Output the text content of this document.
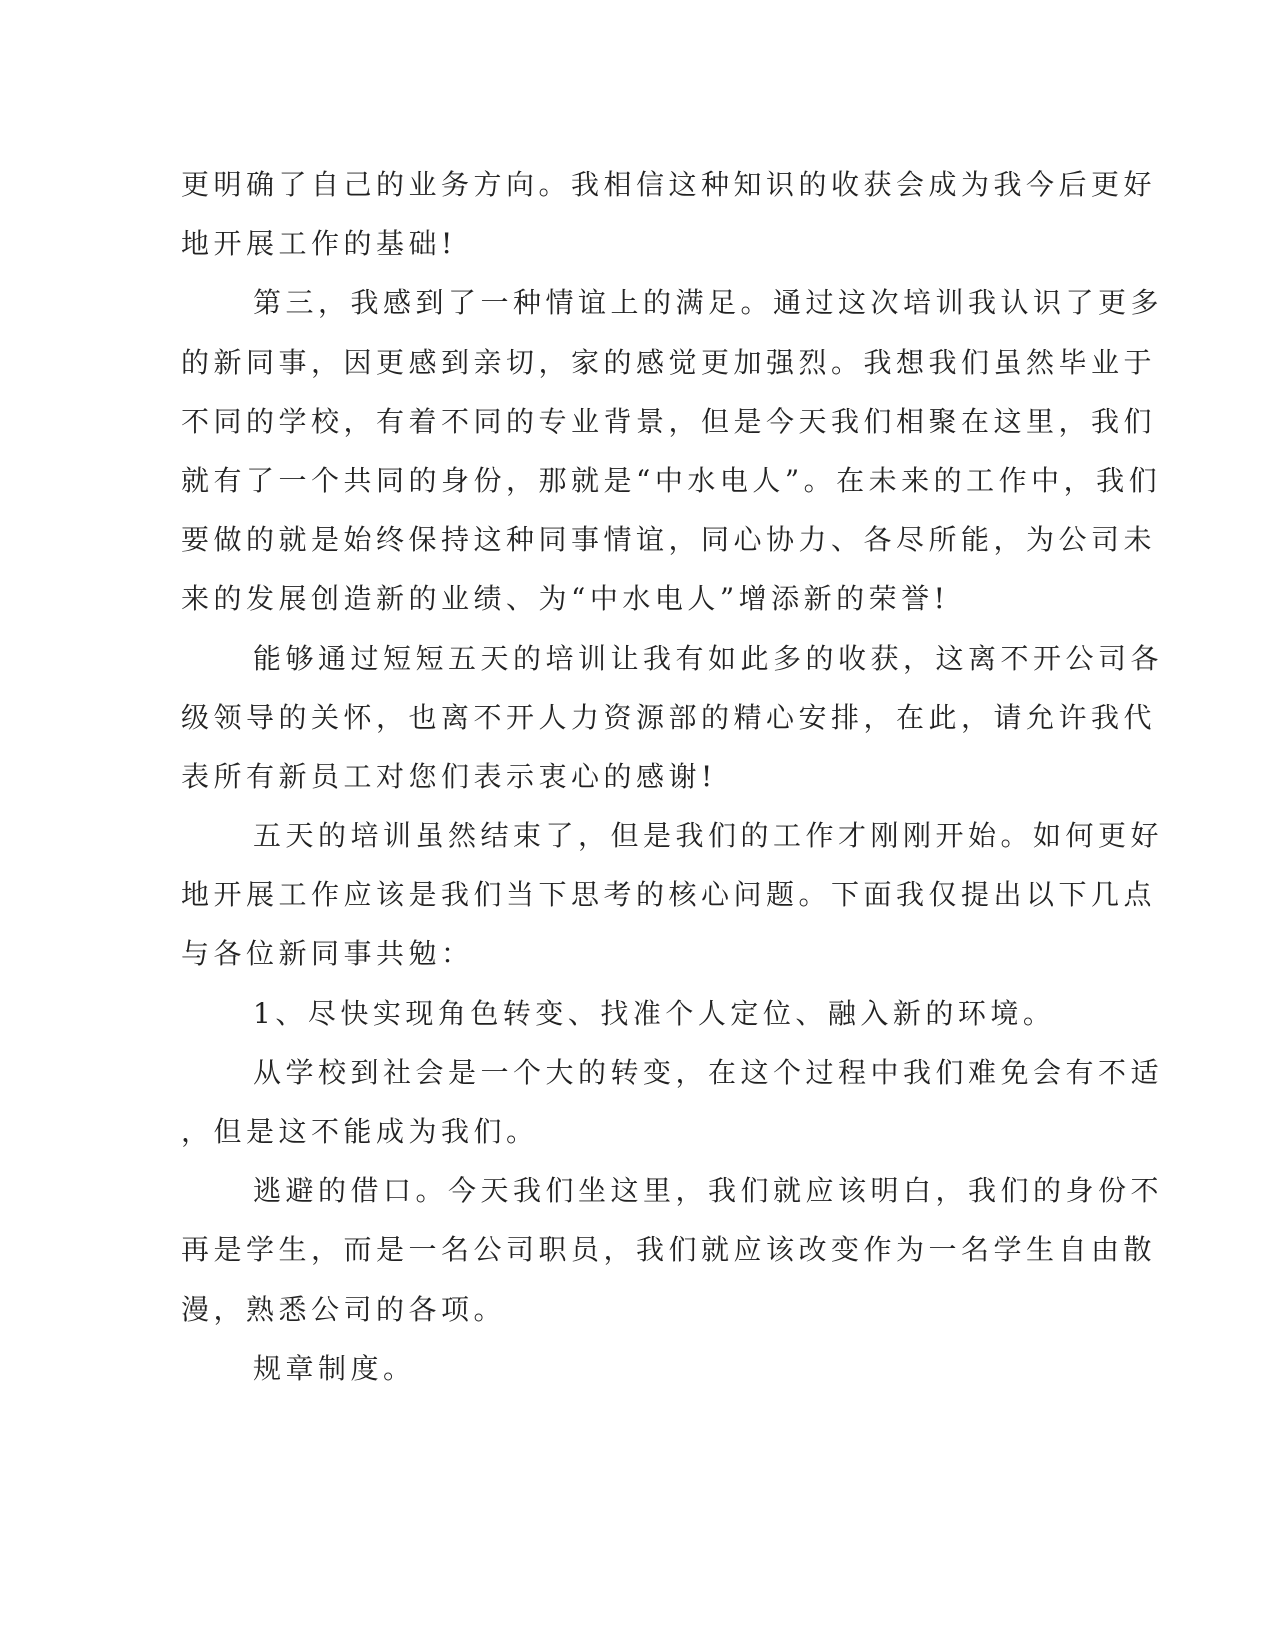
更明确了自己的业务方向。我相信这种知识的收获会成为我今后更好
地开展工作的基础!
第三，我感到了一种情谊上的满足。通过这次培训我认识了更多
的新同事，因更感到亲切，家的感觉更加强烈。我想我们虽然毕业于
不同的学校，有着不同的专业背景，但是今天我们相聚在这里，我们
就有了一个共同的身份，那就是“中水电人”。在未来的工作中，我们
要做的就是始终保持这种同事情谊，同心协力、各尽所能，为公司未
来的发展创造新的业绩、为“中水电人”增添新的荣誉!
能够通过短短五天的培训让我有如此多的收获，这离不开公司各
级领导的关怀，也离不开人力资源部的精心安排，在此，请允许我代
表所有新员工对您们表示衷心的感谢!
五天的培训虽然结束了，但是我们的工作才刚刚开始。如何更好
地开展工作应该是我们当下思考的核心问题。下面我仅提出以下几点
与各位新同事共勉：
1、尽快实现角色转变、找准个人定位、融入新的环境。
从学校到社会是一个大的转变，在这个过程中我们难免会有不适
，但是这不能成为我们。
逃避的借口。今天我们坐这里，我们就应该明白，我们的身份不
再是学生，而是一名公司职员，我们就应该改变作为一名学生自由散
漫，熟悉公司的各项。
规章制度。
